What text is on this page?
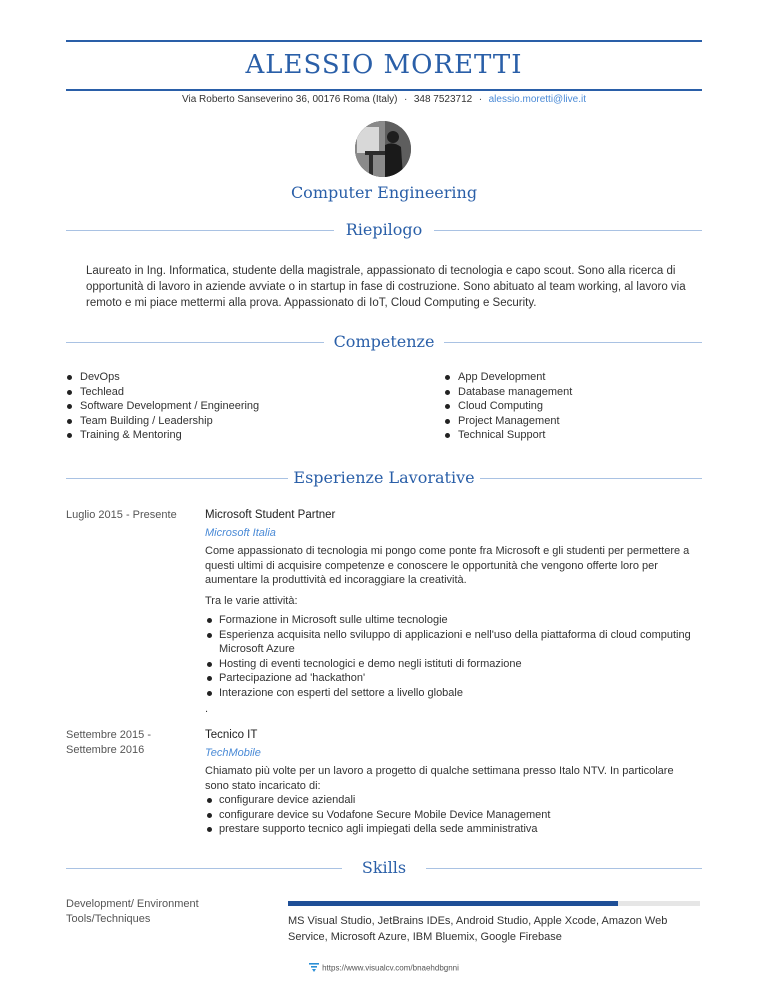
ALESSIO MORETTI
Via Roberto Sanseverino 36, 00176 Roma (Italy) ∙ 348 7523712 ∙ alessio.moretti@live.it
Computer Engineering
Riepilogo
Laureato in Ing. Informatica, studente della magistrale, appassionato di tecnologia e capo scout. Sono alla ricerca di opportunità di lavoro in aziende avviate o in startup in fase di costruzione. Sono abituato al team working, al lavoro via remoto e mi piace mettermi alla prova. Appassionato di IoT, Cloud Computing e Security.
Competenze
DevOps
Techlead
Software Development / Engineering
Team Building / Leadership
Training & Mentoring
App Development
Database management
Cloud Computing
Project Management
Technical Support
Esperienze Lavorative
Luglio 2015 - Presente	Microsoft Student Partner
Microsoft Italia
Come appassionato di tecnologia mi pongo come ponte fra Microsoft e gli studenti per permettere a questi ultimi di acquisire competenze e conoscere le opportunità che vengono offerte loro per aumentare la produttività ed incoraggiare la creatività.
Tra le varie attività:
Formazione in Microsoft sulle ultime tecnologie
Esperienza acquisita nello sviluppo di applicazioni e nell'uso della piattaforma di cloud computing Microsoft Azure
Hosting di eventi tecnologici e demo negli istituti di formazione
Partecipazione ad 'hackathon'
Interazione con esperti del settore a livello globale
.
Settembre 2015 - Settembre 2016
Tecnico IT
TechMobile
Chiamato più volte per un lavoro a progetto di qualche settimana presso Italo NTV. In particolare sono stato incaricato di:
configurare device aziendali
configurare device su Vodafone Secure Mobile Device Management
prestare supporto tecnico agli impiegati della sede amministrativa
Skills
Development/ Environment Tools/Techniques	MS Visual Studio, JetBrains IDEs, Android Studio, Apple Xcode, Amazon Web Service, Microsoft Azure, IBM Bluemix, Google Firebase
https://www.visualcv.com/bnaehdbgnni
